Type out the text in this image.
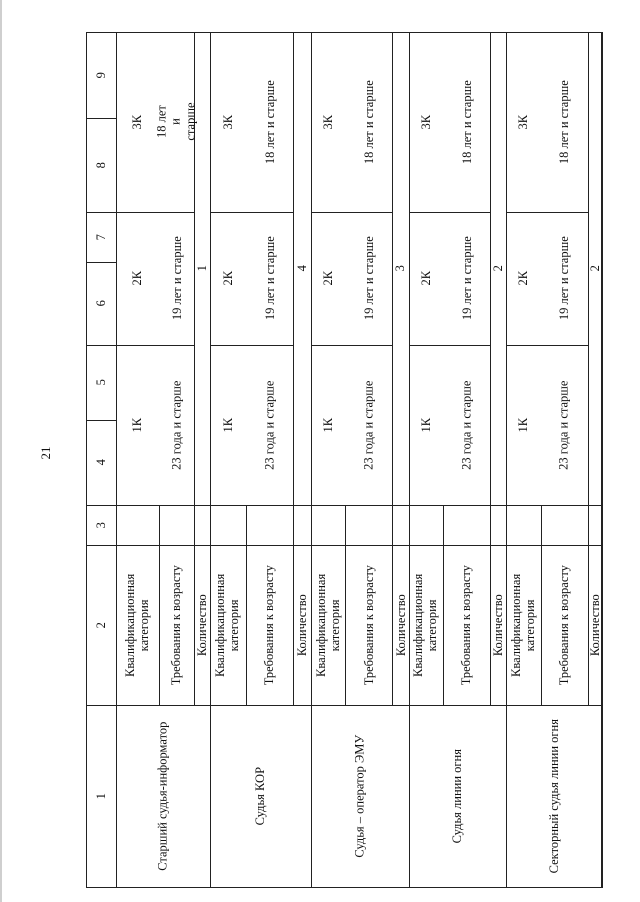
21
1
2
3
4
5
6
7
8
9
Старший судья-информатор
Квалификационная категория Требования к возрасту Количество
1К
2К
3К
23 года и старше
19 лет и старше
18 лет и старше
1
Судья КОР
Квалификационная категория Требования к возрасту Количество
1К
2К
3К
23 года и старше
19 лет и старше
18 лет и старше
4
Судья – оператор ЭМУ
Квалификационная категория Требования к возрасту Количество
1К
2К
3К
23 года и старше
19 лет и старше
18 лет и старше
3
Судья линии огня
Квалификационная категория Требования к возрасту Количество
1К
2К
3К
23 года и старше
19 лет и старше
18 лет и старше
2
Секторный судья линии огня
Квалификационная категория Требования к возрасту Количество
1К
2К
3К
23 года и старше
19 лет и старше
18 лет и старше
2
